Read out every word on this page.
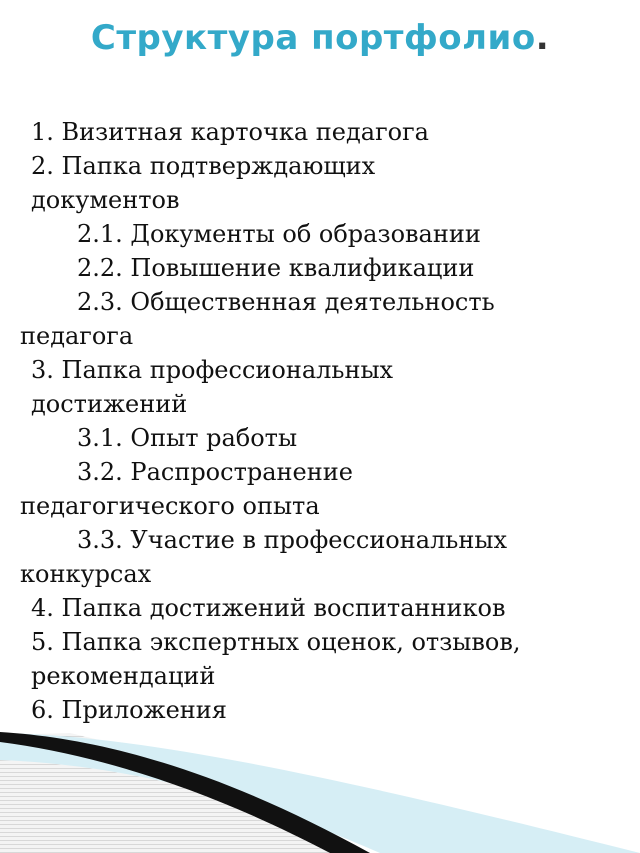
Структура портфолио.
1. Визитная карточка педагога
2. Папка подтверждающих
документов
2.1. Документы об образовании
2.2. Повышение квалификации
2.3. Общественная деятельность
педагога
3. Папка профессиональных
достижений
3.1. Опыт работы
3.2. Распространение
педагогического опыта
3.3. Участие в профессиональных
конкурсах
4. Папка достижений воспитанников
5. Папка экспертных оценок, отзывов,
рекомендаций
6. Приложения
